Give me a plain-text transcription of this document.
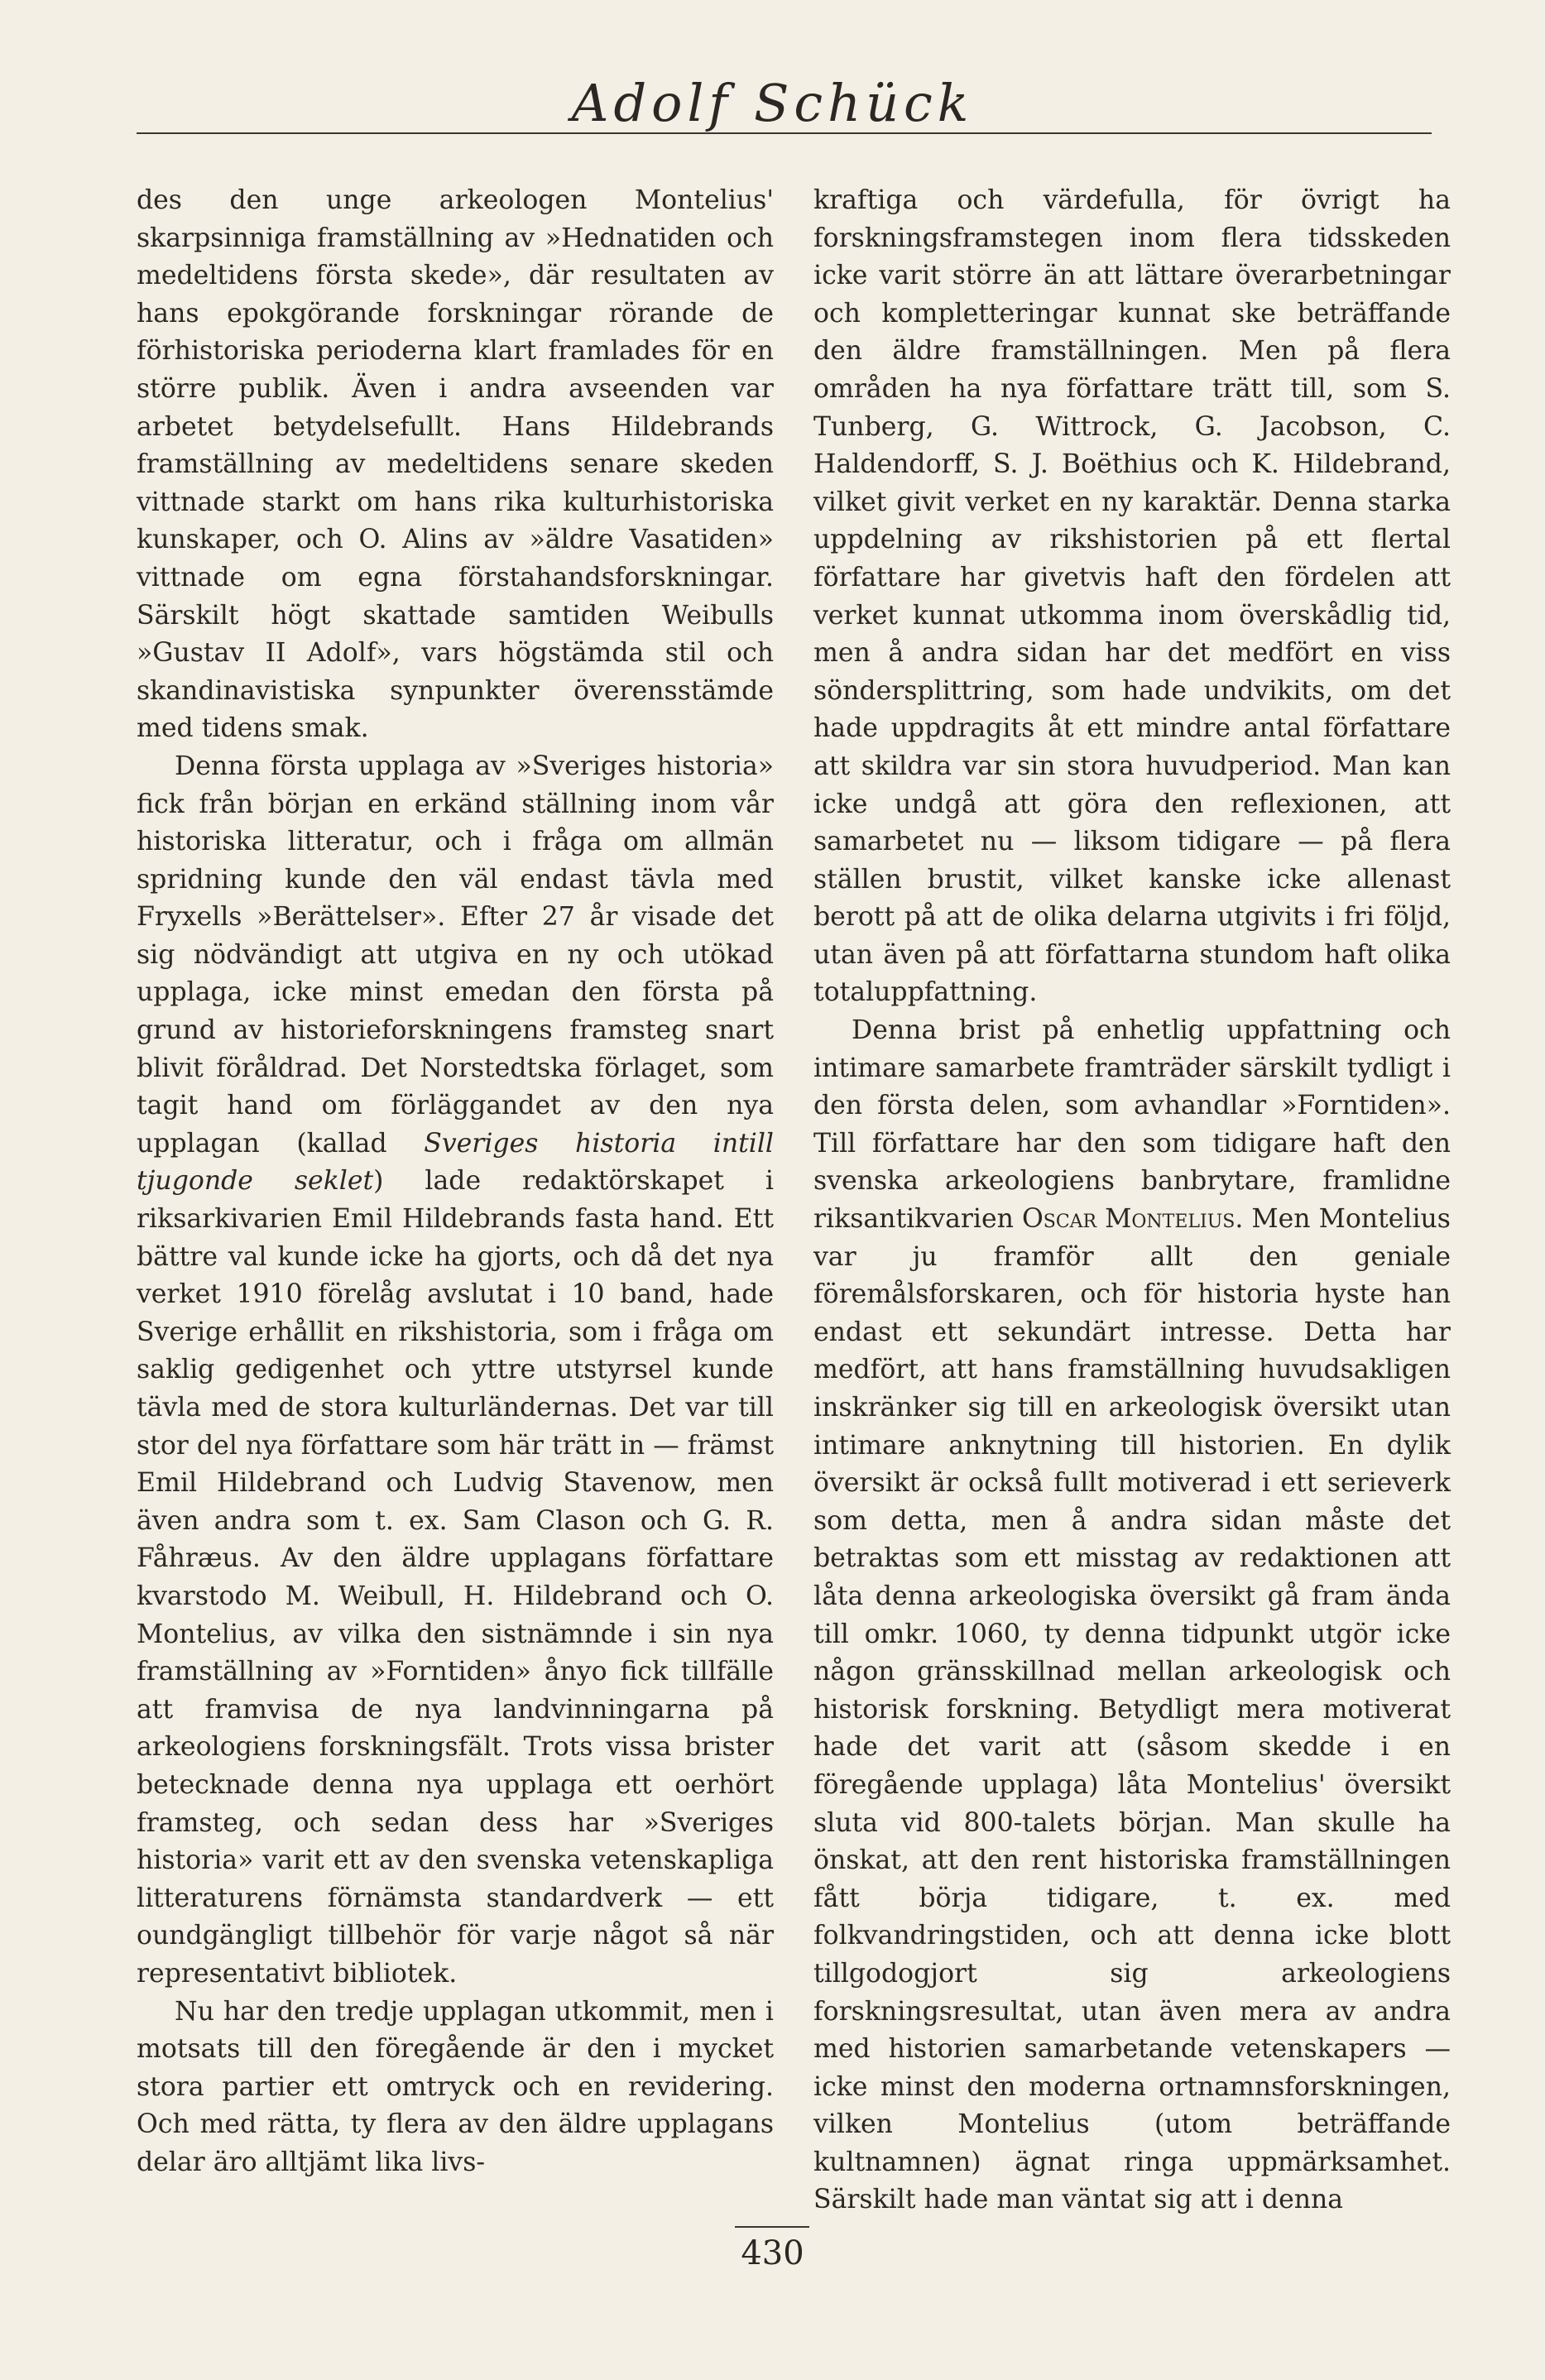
Adolf Schück

des den unge arkeologen Montelius' skarpsinniga framställning av »Hednatiden och medeltidens första skede», där resultaten av hans epokgörande forskningar rörande de förhistoriska perioderna klart framlades för en större publik. Även i andra avseenden var arbetet betydelsefullt. Hans Hildebrands framställning av medeltidens senare skeden vittnade starkt om hans rika kulturhistoriska kunskaper, och O. Alins av »äldre Vasatiden» vittnade om egna förstahandsforskningar. Särskilt högt skattade samtiden Weibulls »Gustav II Adolf», vars högstämda stil och skandinavistiska synpunkter överensstämde med tidens smak.

Denna första upplaga av »Sveriges historia» fick från början en erkänd ställning inom vår historiska litteratur, och i fråga om allmän spridning kunde den väl endast tävla med Fryxells »Berättelser». Efter 27 år visade det sig nödvändigt att utgiva en ny och utökad upplaga, icke minst emedan den första på grund av historieforskningens framsteg snart blivit föråldrad. Det Norstedtska förlaget, som tagit hand om förläggandet av den nya upplagan (kallad Sveriges historia intill tjugonde seklet) lade redaktörskapet i riksarkivarien Emil Hildebrands fasta hand. Ett bättre val kunde icke ha gjorts, och då det nya verket 1910 förelåg avslutat i 10 band, hade Sverige erhållit en rikshistoria, som i fråga om saklig gedigenhet och yttre utstyrsel kunde tävla med de stora kulturländernas. Det var till stor del nya författare som här trätt in — främst Emil Hildebrand och Ludvig Stavenow, men även andra som t. ex. Sam Clason och G. R. Fåhræus. Av den äldre upplagans författare kvarstodo M. Weibull, H. Hildebrand och O. Montelius, av vilka den sistnämnde i sin nya framställning av »Forntiden» ånyo fick tillfälle att framvisa de nya landvinningarna på arkeologiens forskningsfält. Trots vissa brister betecknade denna nya upplaga ett oerhört framsteg, och sedan dess har »Sveriges historia» varit ett av den svenska vetenskapliga litteraturens förnämsta standardverk — ett oundgängligt tillbehör för varje något så när representativt bibliotek.

Nu har den tredje upplagan utkommit, men i motsats till den föregående är den i mycket stora partier ett omtryck och en revidering. Och med rätta, ty flera av den äldre upplagans delar äro alltjämt lika livs-

kraftiga och värdefulla, för övrigt ha forskningsframstegen inom flera tidsskeden icke varit större än att lättare överarbetningar och kompletteringar kunnat ske beträffande den äldre framställningen. Men på flera områden ha nya författare trätt till, som S. Tunberg, G. Wittrock, G. Jacobson, C. Haldendorff, S. J. Boëthius och K. Hildebrand, vilket givit verket en ny karaktär. Denna starka uppdelning av rikshistorien på ett flertal författare har givetvis haft den fördelen att verket kunnat utkomma inom överskådlig tid, men å andra sidan har det medfört en viss söndersplittring, som hade undvikits, om det hade uppdragits åt ett mindre antal författare att skildra var sin stora huvudperiod. Man kan icke undgå att göra den reflexionen, att samarbetet nu — liksom tidigare — på flera ställen brustit, vilket kanske icke allenast berott på att de olika delarna utgivits i fri följd, utan även på att författarna stundom haft olika totaluppfattning.

Denna brist på enhetlig uppfattning och intimare samarbete framträder särskilt tydligt i den första delen, som avhandlar »Forntiden». Till författare har den som tidigare haft den svenska arkeologiens banbrytare, framlidne riksantikvarien Oscar Montelius. Men Montelius var ju framför allt den geniale föremålsforskaren, och för historia hyste han endast ett sekundärt intresse. Detta har medfört, att hans framställning huvudsakligen inskränker sig till en arkeologisk översikt utan intimare anknytning till historien. En dylik översikt är också fullt motiverad i ett serieverk som detta, men å andra sidan måste det betraktas som ett misstag av redaktionen att låta denna arkeologiska översikt gå fram ända till omkr. 1060, ty denna tidpunkt utgör icke någon gränsskillnad mellan arkeologisk och historisk forskning. Betydligt mera motiverat hade det varit att (såsom skedde i en föregående upplaga) låta Montelius' översikt sluta vid 800-talets början. Man skulle ha önskat, att den rent historiska framställningen fått börja tidigare, t. ex. med folkvandringstiden, och att denna icke blott tillgodogjort sig arkeologiens forskningsresultat, utan även mera av andra med historien samarbetande vetenskapers — icke minst den moderna ortnamnsforskningen, vilken Montelius (utom beträffande kultnamnen) ägnat ringa uppmärksamhet. Särskilt hade man väntat sig att i denna

430
